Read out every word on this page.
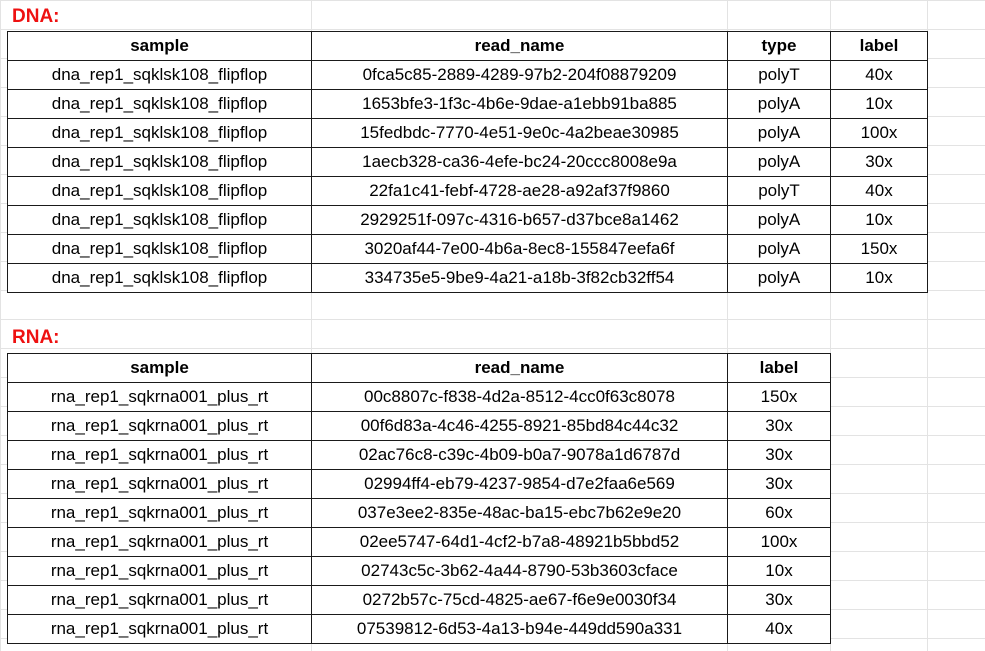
DNA:
sample	read_name	type	label
dna_rep1_sqklsk108_flipflop	0fca5c85-2889-4289-97b2-204f08879209	polyT	40x
dna_rep1_sqklsk108_flipflop	1653bfe3-1f3c-4b6e-9dae-a1ebb91ba885	polyA	10x
dna_rep1_sqklsk108_flipflop	15fedbdc-7770-4e51-9e0c-4a2beae30985	polyA	100x
dna_rep1_sqklsk108_flipflop	1aecb328-ca36-4efe-bc24-20ccc8008e9a	polyA	30x
dna_rep1_sqklsk108_flipflop	22fa1c41-febf-4728-ae28-a92af37f9860	polyT	40x
dna_rep1_sqklsk108_flipflop	2929251f-097c-4316-b657-d37bce8a1462	polyA	10x
dna_rep1_sqklsk108_flipflop	3020af44-7e00-4b6a-8ec8-155847eefa6f	polyA	150x
dna_rep1_sqklsk108_flipflop	334735e5-9be9-4a21-a18b-3f82cb32ff54	polyA	10x
RNA:
sample	read_name	label
rna_rep1_sqkrna001_plus_rt	00c8807c-f838-4d2a-8512-4cc0f63c8078	150x
rna_rep1_sqkrna001_plus_rt	00f6d83a-4c46-4255-8921-85bd84c44c32	30x
rna_rep1_sqkrna001_plus_rt	02ac76c8-c39c-4b09-b0a7-9078a1d6787d	30x
rna_rep1_sqkrna001_plus_rt	02994ff4-eb79-4237-9854-d7e2faa6e569	30x
rna_rep1_sqkrna001_plus_rt	037e3ee2-835e-48ac-ba15-ebc7b62e9e20	60x
rna_rep1_sqkrna001_plus_rt	02ee5747-64d1-4cf2-b7a8-48921b5bbd52	100x
rna_rep1_sqkrna001_plus_rt	02743c5c-3b62-4a44-8790-53b3603cface	10x
rna_rep1_sqkrna001_plus_rt	0272b57c-75cd-4825-ae67-f6e9e0030f34	30x
rna_rep1_sqkrna001_plus_rt	07539812-6d53-4a13-b94e-449dd590a331	40x
